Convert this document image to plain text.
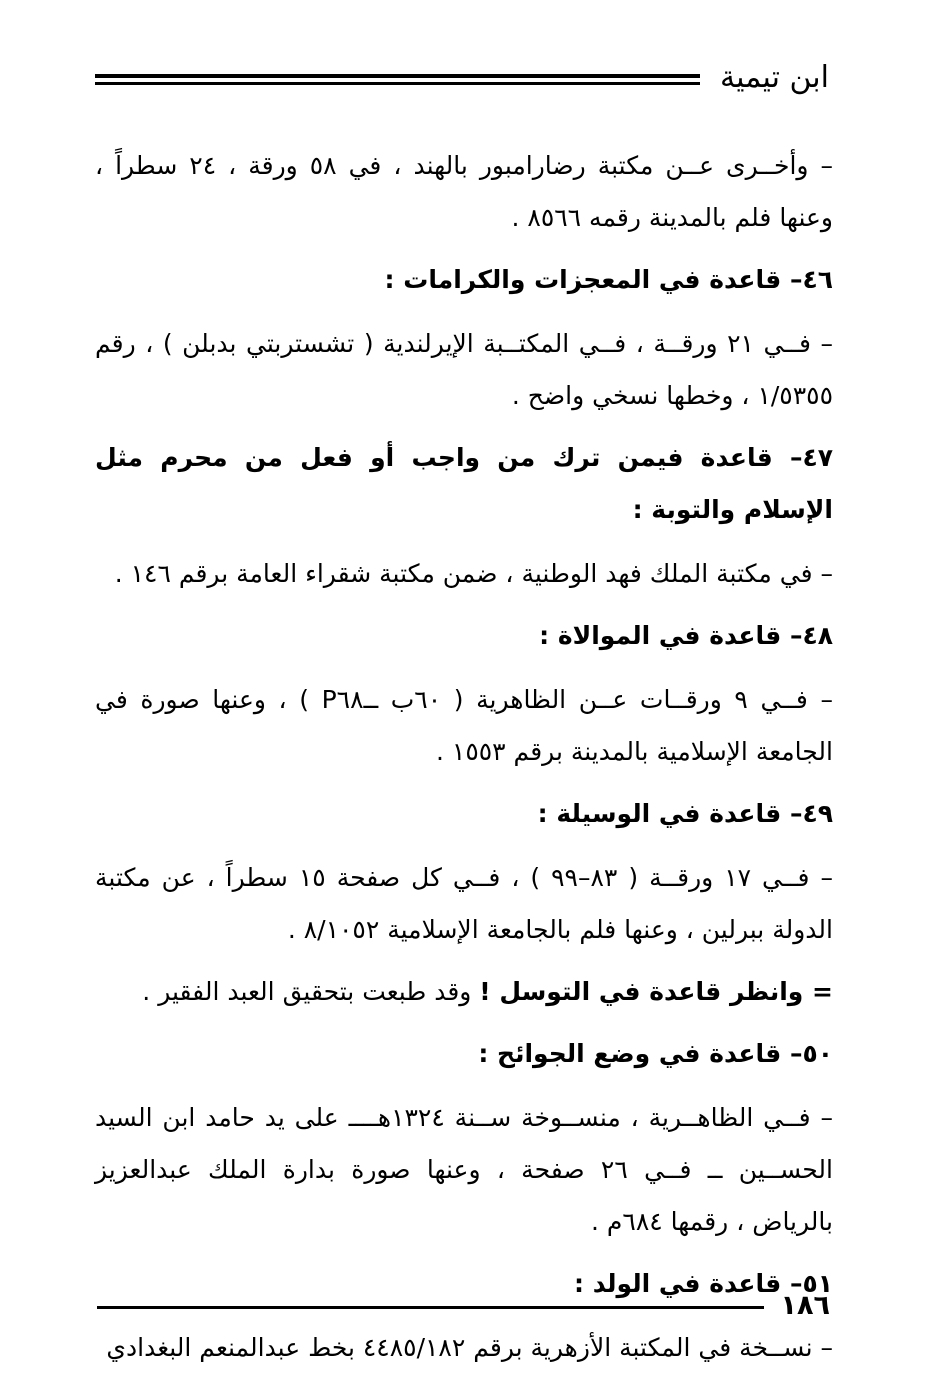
ابن تيمية

– وأخــرى عــن مكتبة رضارامبور بالهند ، في ٥٨ ورقة ، ٢٤ سطراً ، وعنها فلم بالمدينة رقمه ٨٥٦٦ .

٤٦– قاعدة في المعجزات والكرامات :

– فــي ٢١ ورقــة ، فــي المكتــبة الإيرلندية ( تشستربتي بدبلن ) ، رقم ١/٥٣٥٥ ، وخطها نسخي واضح .

٤٧– قاعدة فيمن ترك من واجب أو فعل من محرم مثل الإسلام والتوبة :

– في مكتبة الملك فهد الوطنية ، ضمن مكتبة شقراء العامة برقم ١٤٦ .

٤٨– قاعدة في الموالاة :

– فــي ٩ ورقــات عــن الظاهرية ( ٦٠ب ــP٦٨ ) ، وعنها صورة في الجامعة الإسلامية بالمدينة برقم ١٥٥٣ .

٤٩– قاعدة في الوسيلة :

– فــي ١٧ ورقــة ( ٨٣–٩٩ ) ، فــي كل صفحة ١٥ سطراً ، عن مكتبة الدولة ببرلين ، وعنها فلم بالجامعة الإسلامية ٨/١٠٥٢ .

= وانظر قاعدة في التوسل ! وقد طبعت بتحقيق العبد الفقير .

٥٠– قاعدة في وضع الجوائح :

– فــي الظاهــرية ، منســوخة ســنة ١٣٢٤هــــ على يد حامد ابن السيد الحســين ــ فــي ٢٦ صفحة ، وعنها صورة بدارة الملك عبدالعزيز بالرياض ، رقمها ٦٨٤م .

٥١– قاعدة في الولد :

– نســخة في المكتبة الأزهرية برقم ٤٤٨٥/١٨٢ بخط عبدالمنعم البغدادي

١٨٦
